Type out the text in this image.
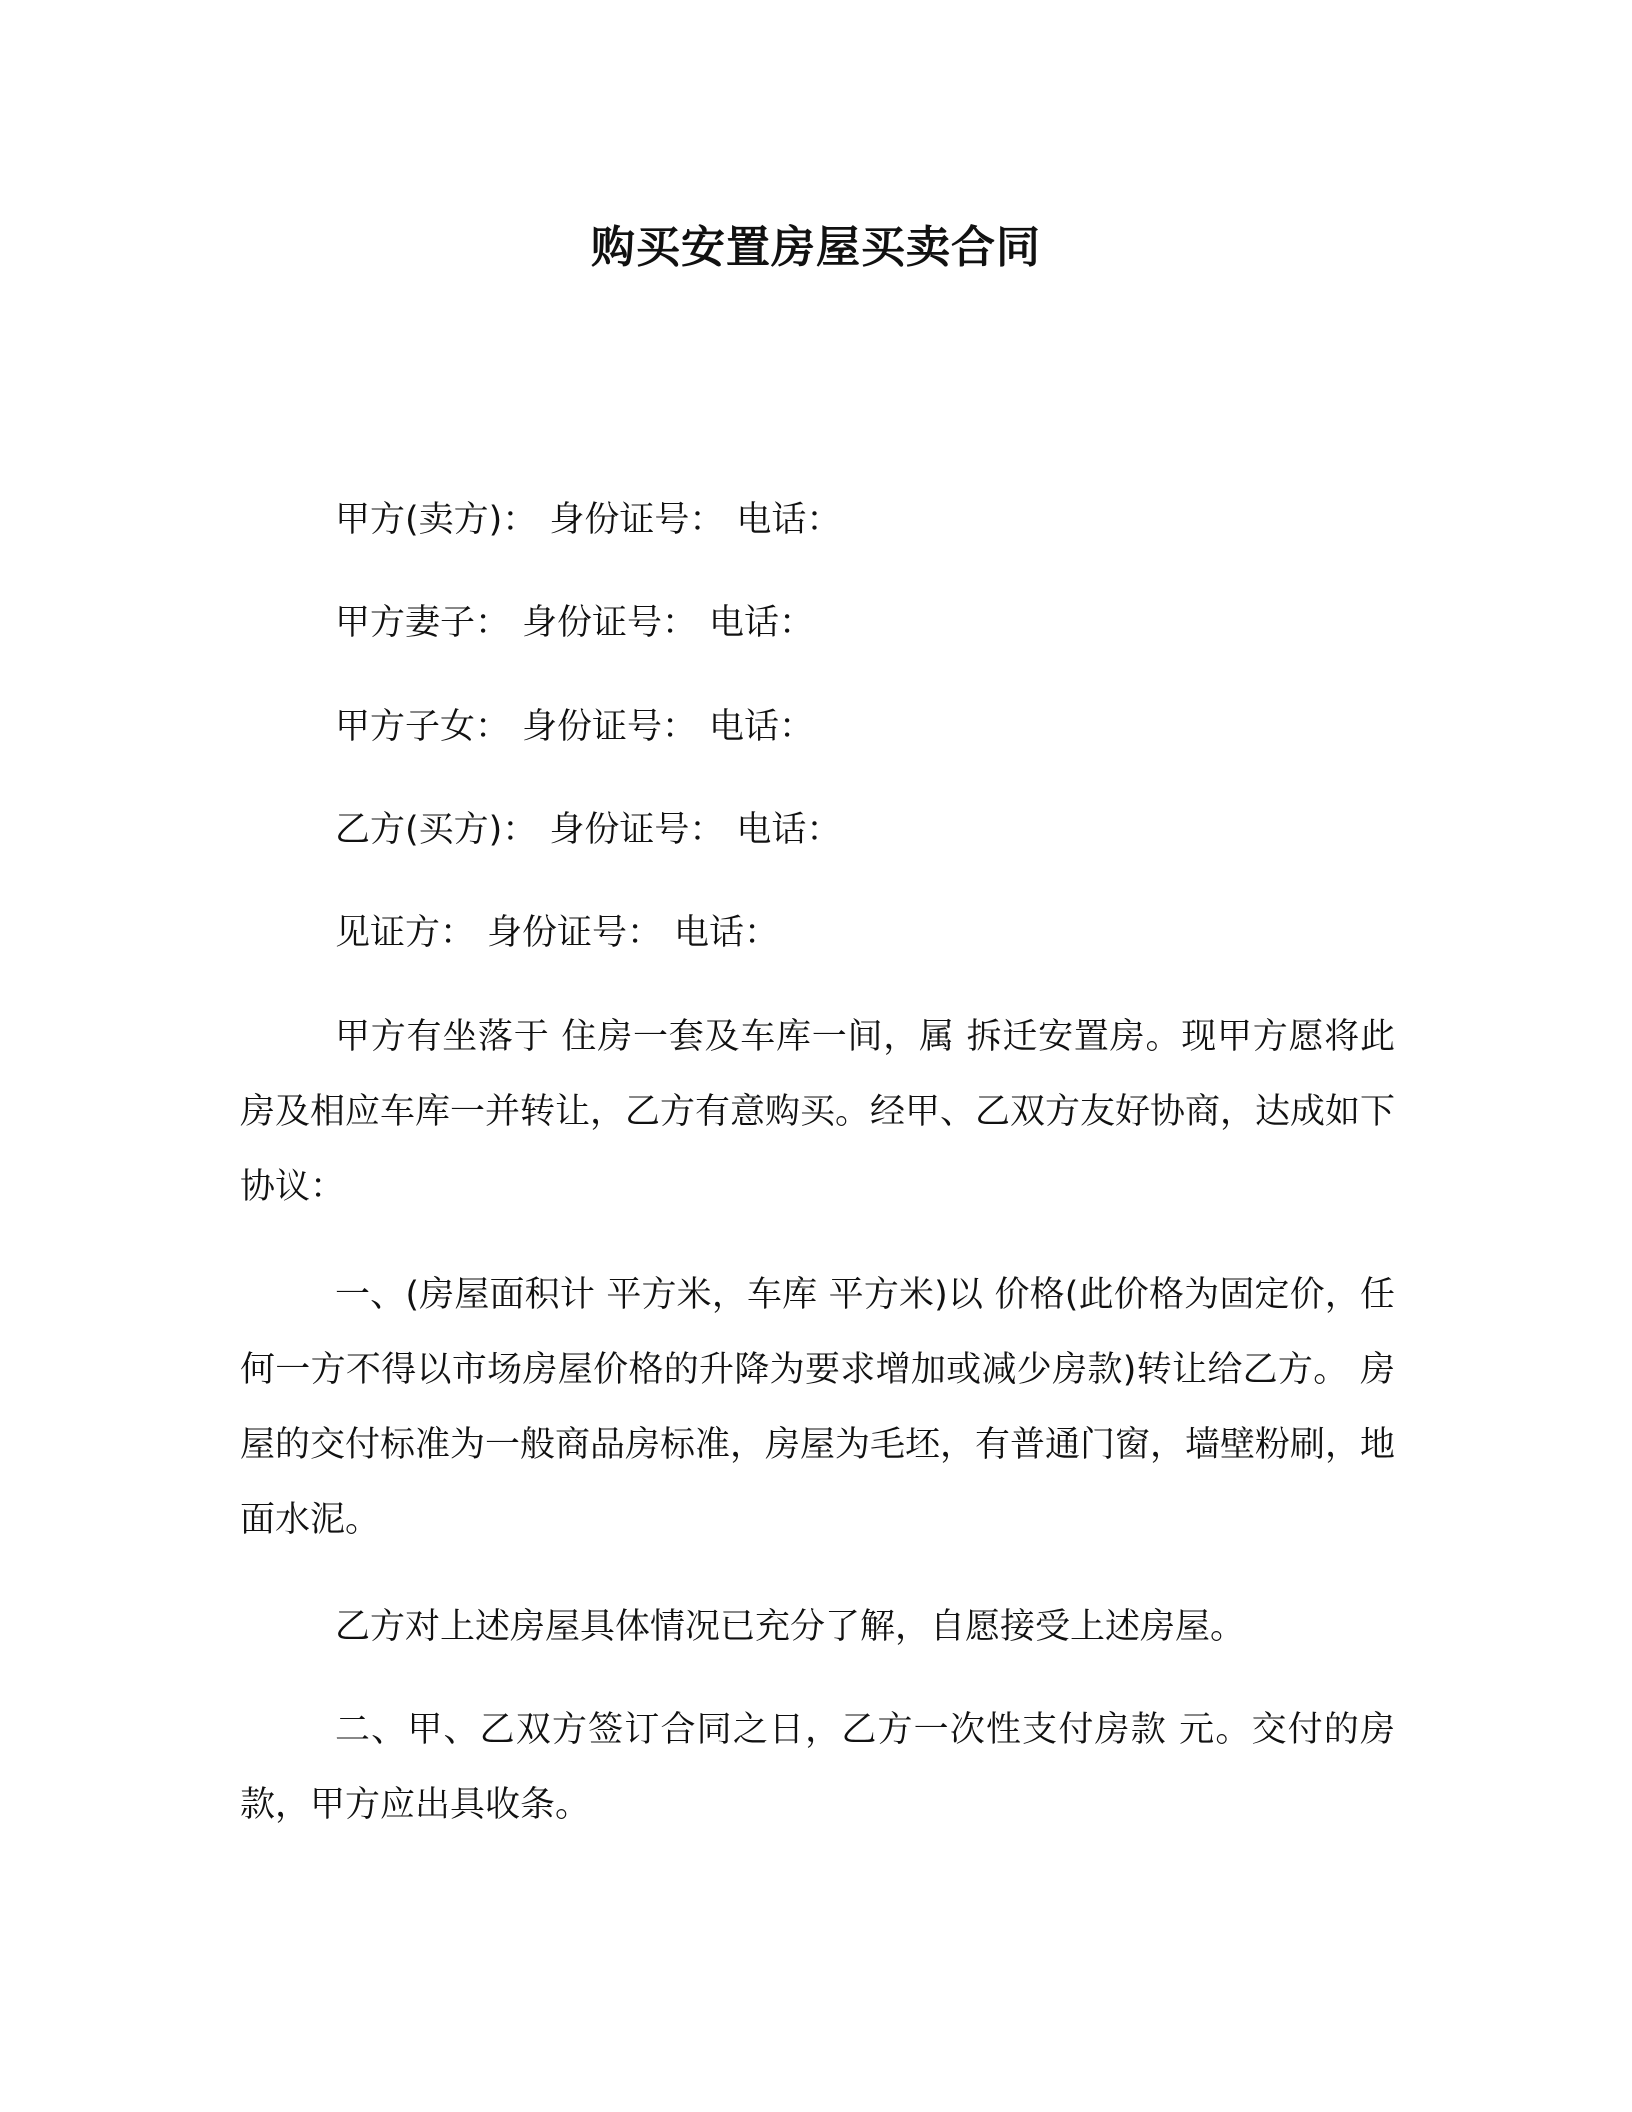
购买安置房屋买卖合同
甲方(卖方)： 身份证号： 电话：
甲方妻子： 身份证号： 电话：
甲方子女： 身份证号： 电话：
乙方(买方)： 身份证号： 电话：
见证方： 身份证号： 电话：

甲方有坐落于 住房一套及车库一间，属 拆迁安置房。现甲方愿将此房及相应车库一并转让，乙方有意购买。经甲、乙双方友好协商，达成如下协议：

一、(房屋面积计 平方米，车库 平方米)以 价格(此价格为固定价，任何一方不得以市场房屋价格的升降为要求增加或减少房款)转让给乙方。 房屋的交付标准为一般商品房标准，房屋为毛坯，有普通门窗，墙壁粉刷，地面水泥。

乙方对上述房屋具体情况已充分了解，自愿接受上述房屋。

二、甲、乙双方签订合同之日，乙方一次性支付房款 元。交付的房款，甲方应出具收条。
